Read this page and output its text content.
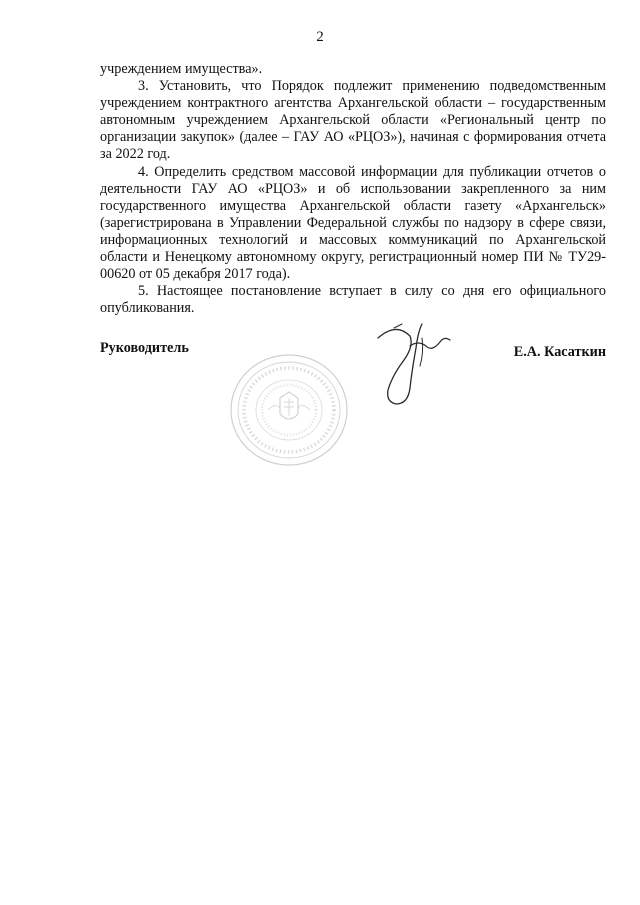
2

учреждением имущества».

3. Установить, что Порядок подлежит применению подведомственным учреждением контрактного агентства Архангельской области – государственным автономным учреждением Архангельской области «Региональный центр по организации закупок» (далее – ГАУ АО «РЦОЗ»), начиная с формирования отчета за 2022 год.

4. Определить средством массовой информации для публикации отчетов о деятельности ГАУ АО «РЦОЗ» и об использовании закрепленного за ним государственного имущества Архангельской области газету «Архангельск» (зарегистрирована в Управлении Федеральной службы по надзору в сфере связи, информационных технологий и массовых коммуникаций по Архангельской области и Ненецкому автономному округу, регистрационный номер ПИ № ТУ29-00620 от 05 декабря 2017 года).

5. Настоящее постановление вступает в силу со дня его официального опубликования.

Руководитель	Е.А. Касаткин
